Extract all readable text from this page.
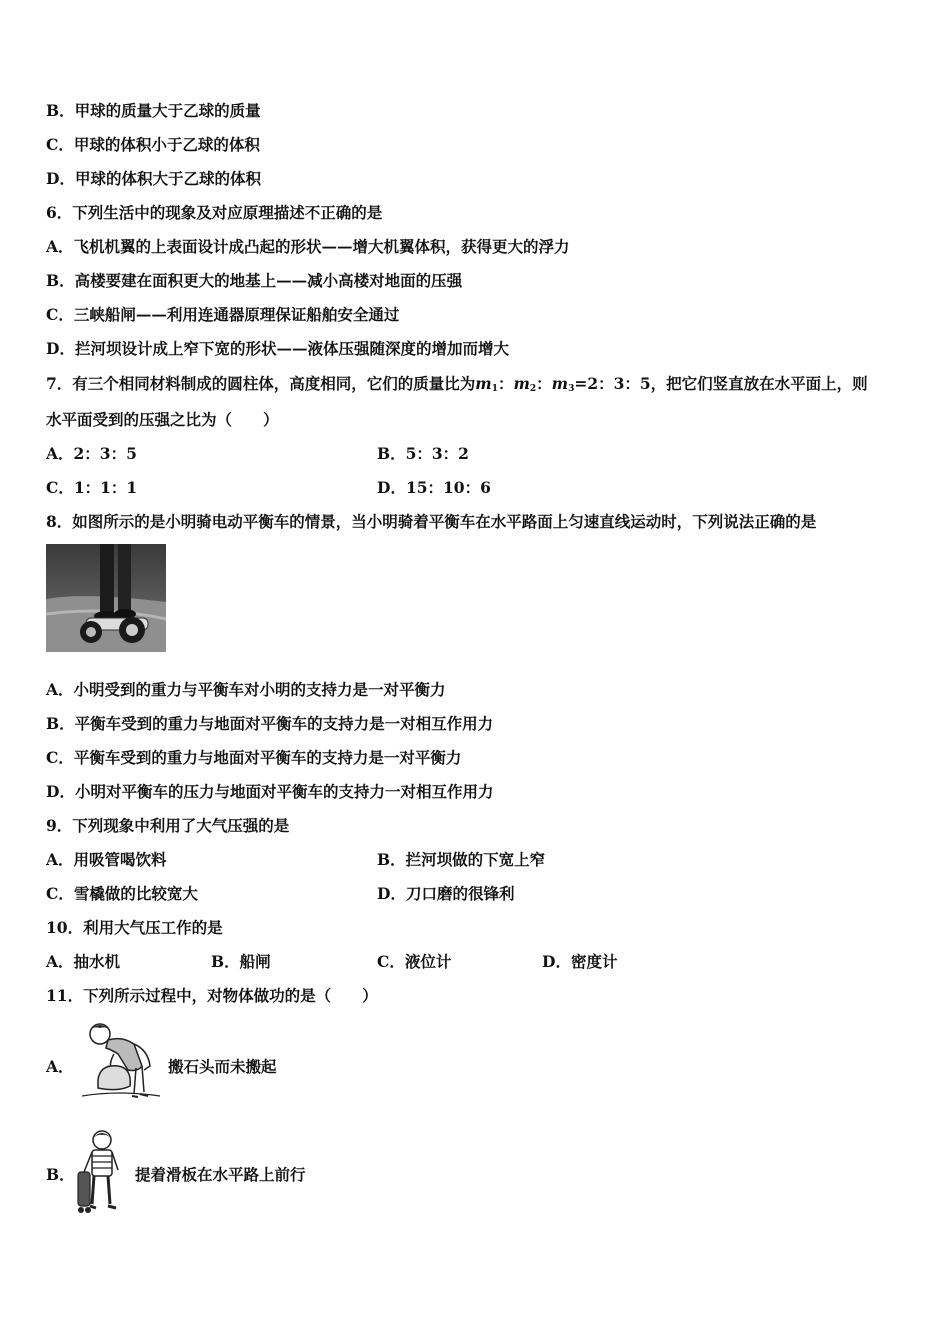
B．甲球的质量大于乙球的质量
C．甲球的体积小于乙球的体积
D．甲球的体积大于乙球的体积
6．下列生活中的现象及对应原理描述不正确的是
A．飞机机翼的上表面设计成凸起的形状——增大机翼体积，获得更大的浮力
B．高楼要建在面积更大的地基上——减小高楼对地面的压强
C．三峡船闸——利用连通器原理保证船舶安全通过
D．拦河坝设计成上窄下宽的形状——液体压强随深度的增加而增大
7．有三个相同材料制成的圆柱体，高度相同，它们的质量比为$m_1$：$m_2$：$m_3=2$：3：5，把它们竖直放在水平面上，则
水平面受到的压强之比为（　　）
A．2：3：5	B．5：3：2
C．1：1：1	D．15：10：6
8．如图所示的是小明骑电动平衡车的情景，当小明骑着平衡车在水平路面上匀速直线运动时，下列说法正确的是
A．小明受到的重力与平衡车对小明的支持力是一对平衡力
B．平衡车受到的重力与地面对平衡车的支持力是一对相互作用力
C．平衡车受到的重力与地面对平衡车的支持力是一对平衡力
D．小明对平衡车的压力与地面对平衡车的支持力一对相互作用力
9．下列现象中利用了大气压强的是
A．用吸管喝饮料	B．拦河坝做的下宽上窄
C．雪橇做的比较宽大	D．刀口磨的很锋利
10．利用大气压工作的是
A．抽水机	B．船闸	C．液位计	D．密度计
11．下列所示过程中，对物体做功的是（　　）
A．	搬石头而未搬起
B．	提着滑板在水平路上前行
